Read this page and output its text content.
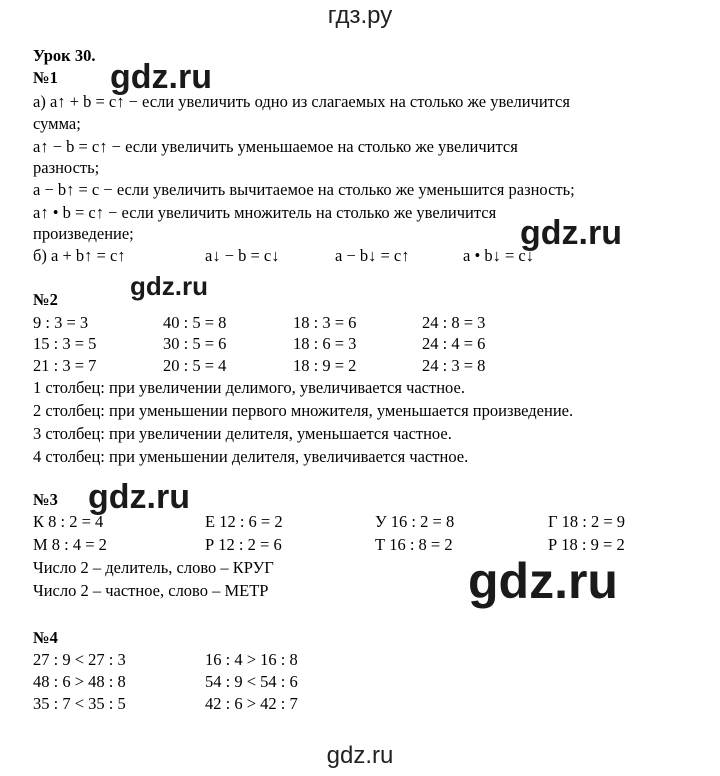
гдз.ру
gdz.ru
gdz.ru
gdz.ru
gdz.ru
gdz.ru
Урок 30.
№1
а) a↑ + b = c↑ − если увеличить одно из слагаемых на столько же увеличится
сумма;
a↑ − b = c↑ − если увеличить уменьшаемое на столько же увеличится
разность;
a − b↑ = c − если увеличить вычитаемое на столько же уменьшится разность;
a↑ • b = c↑ − если увеличить множитель на столько же увеличится
произведение;
б) a + b↑ = c↑	a↓ − b = c↓	a − b↓ = c↑	a • b↓ = c↓
№2
9 : 3 = 3	40 : 5 = 8	18 : 3 = 6	24 : 8 = 3
15 : 3 = 5	30 : 5 = 6	18 : 6 = 3	24 : 4 = 6
21 : 3 = 7	20 : 5 = 4	18 : 9 = 2	24 : 3 = 8
1 столбец: при увеличении делимого, увеличивается частное.
2 столбец: при уменьшении первого множителя, уменьшается произведение.
3 столбец: при увеличении делителя, уменьшается частное.
4 столбец: при уменьшении делителя, увеличивается частное.
№3
К 8 : 2 = 4	Е 12 : 6 = 2	У 16 : 2 = 8	Г 18 : 2 = 9
М 8 : 4 = 2	Р 12 : 2 = 6	Т 16 : 8 = 2	Р 18 : 9 = 2
Число 2 – делитель, слово – КРУГ
Число 2 – частное, слово – МЕТР
№4
27 : 9 < 27 : 3	16 : 4 > 16 : 8
48 : 6 > 48 : 8	54 : 9 < 54 : 6
35 : 7 < 35 : 5	42 : 6 > 42 : 7
gdz.ru
